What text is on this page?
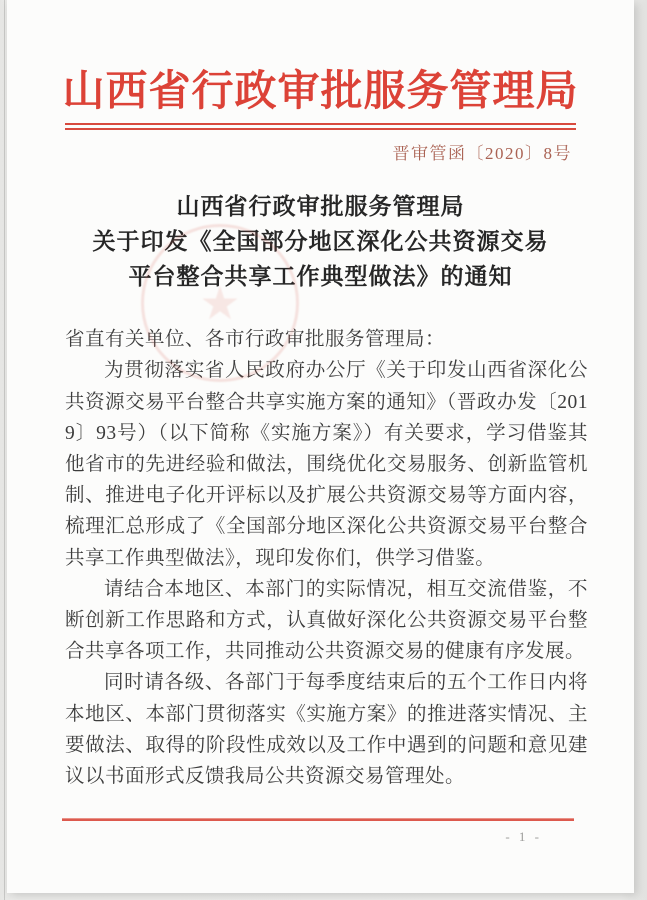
山西省行政审批服务管理局
晋审管函〔2020〕8号
山西省行政审批服务管理局
关于印发《全国部分地区深化公共资源交易
平台整合共享工作典型做法》的通知
★

省直有关单位、各市行政审批服务管理局：

为贯彻落实省人民政府办公厅《关于印发山西省深化公共资源交易平台整合共享实施方案的通知》（晋政办发〔2019〕93号）（以下简称《实施方案》）有关要求，学习借鉴其他省市的先进经验和做法，围绕优化交易服务、创新监管机制、推进电子化开评标以及扩展公共资源交易等方面内容，梳理汇总形成了《全国部分地区深化公共资源交易平台整合共享工作典型做法》，现印发你们，供学习借鉴。

请结合本地区、本部门的实际情况，相互交流借鉴，不断创新工作思路和方式，认真做好深化公共资源交易平台整合共享各项工作，共同推动公共资源交易的健康有序发展。

同时请各级、各部门于每季度结束后的五个工作日内将本地区、本部门贯彻落实《实施方案》的推进落实情况、主要做法、取得的阶段性成效以及工作中遇到的问题和意见建议以书面形式反馈我局公共资源交易管理处。

- 1 -
